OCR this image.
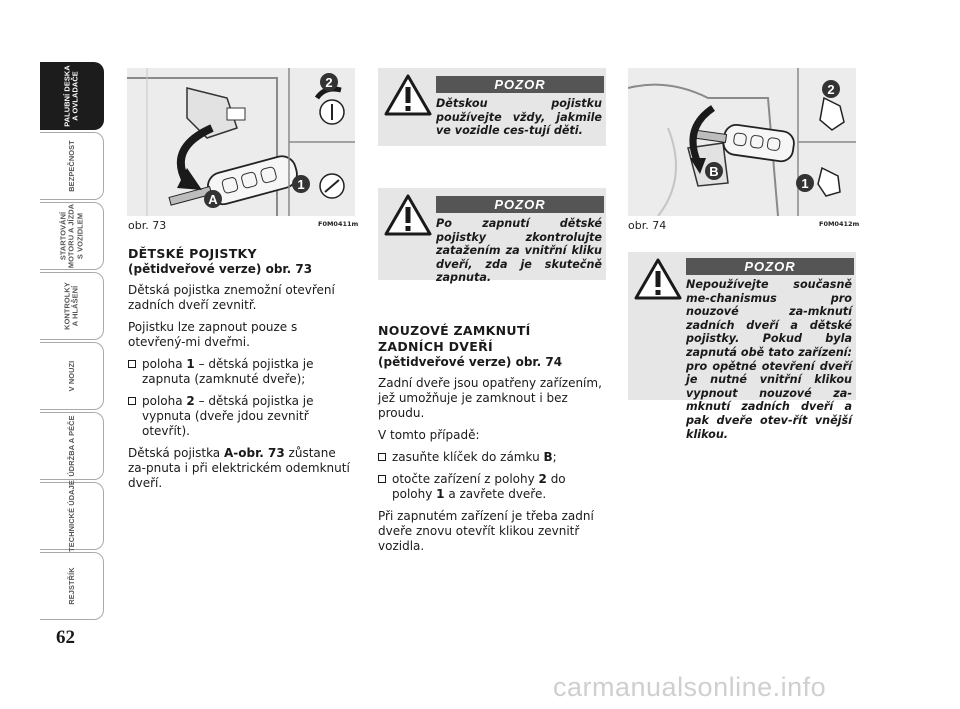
PALUBNÍ DESKA
A OVLADAČE
BEZPEČNOST
STARTOVÁNÍ
MOTORU A JÍZDA
S VOZIDLEM
KONTROLKY
A HLÁŠENÍ
V NOUZI
ÚDRŽBA A PÉČE
TECHNICKÉ ÚDAJE
REJSTŘÍK
62
2
1
A
obr. 73	F0M0411m
DĚTSKÉ POJISTKY
(pětidveřové verze) obr. 73

Dětská pojistka znemožní otevření zadních dveří zevnitř.

Pojistku lze zapnout pouze s otevřený-mi dveřmi.

poloha 1 – dětská pojistka je zapnuta (zamknuté dveře);
poloha 2 – dětská pojistka je vypnuta (dveře jdou zevnitř otevřít).

Dětská pojistka A-obr. 73 zůstane za-pnuta i při elektrickém odemknutí dveří.

POZOR
Dětskou pojistku používejte vždy, jakmile ve vozidle ces-tují děti.
POZOR
Po zapnutí dětské pojistky zkontrolujte zatažením za vnitřní kliku dveří, zda je skutečně zapnuta.
NOUZOVÉ ZAMKNUTÍ
ZADNÍCH DVEŘÍ
(pětidveřové verze) obr. 74

Zadní dveře jsou opatřeny zařízením, jež umožňuje je zamknout i bez proudu.

V tomto případě:

zasuňte klíček do zámku B;
otočte zařízení z polohy 2 do polohy 1 a zavřete dveře.

Při zapnutém zařízení je třeba zadní dveře znovu otevřít klikou zevnitř vozidla.

2
B
1
obr. 74	F0M0412m
POZOR
Nepoužívejte současně me-chanismus pro nouzové za-mknutí zadních dveří a dětské pojistky. Pokud byla zapnutá obě tato zařízení: pro opětné otevření dveří je nutné vnitřní klikou vypnout nouzové za-mknutí zadních dveří a pak dveře otev-řít vnější klikou.
carmanualsonline.info
